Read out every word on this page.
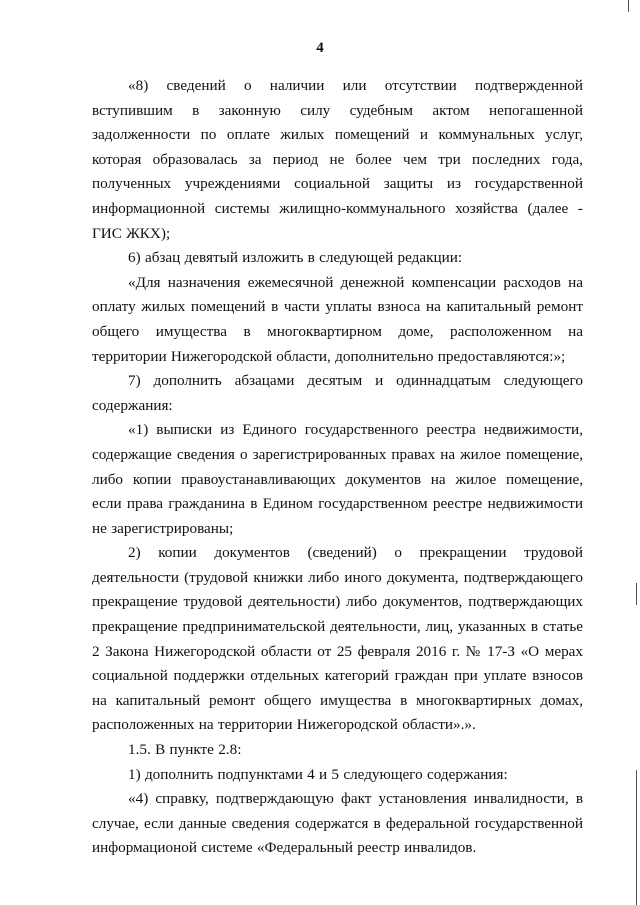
4

«8) сведений о наличии или отсутствии подтвержденной вступившим в законную силу судебным актом непогашенной задолженности по оплате жилых помещений и коммунальных услуг, которая образовалась за период не более чем три последних года, полученных учреждениями социальной защиты из государственной информационной системы жилищно-коммунального хозяйства (далее - ГИС ЖКХ);

6) абзац девятый изложить в следующей редакции:

«Для назначения ежемесячной денежной компенсации расходов на оплату жилых помещений в части уплаты взноса на капитальный ремонт общего имущества в многоквартирном доме, расположенном на территории Нижегородской области, дополнительно предоставляются:»;

7) дополнить абзацами десятым и одиннадцатым следующего содержания:

«1) выписки из Единого государственного реестра недвижимости, содержащие сведения о зарегистрированных правах на жилое помещение, либо копии правоустанавливающих документов на жилое помещение, если права гражданина в Едином государственном реестре недвижимости не зарегистрированы;

2) копии документов (сведений) о прекращении трудовой деятельности (трудовой книжки либо иного документа, подтверждающего прекращение трудовой деятельности) либо документов, подтверждающих прекращение предпринимательской деятельности, лиц, указанных в статье 2 Закона Нижегородской области от 25 февраля 2016 г. № 17-З «О мерах социальной поддержки отдельных категорий граждан при уплате взносов на капитальный ремонт общего имущества в многоквартирных домах, расположенных на территории Нижегородской области».».

1.5. В пункте 2.8:

1) дополнить подпунктами 4 и 5 следующего содержания:

«4) справку, подтверждающую факт установления инвалидности, в случае, если данные сведения содержатся в федеральной государственной информационой системе «Федеральный реестр инвалидов.
